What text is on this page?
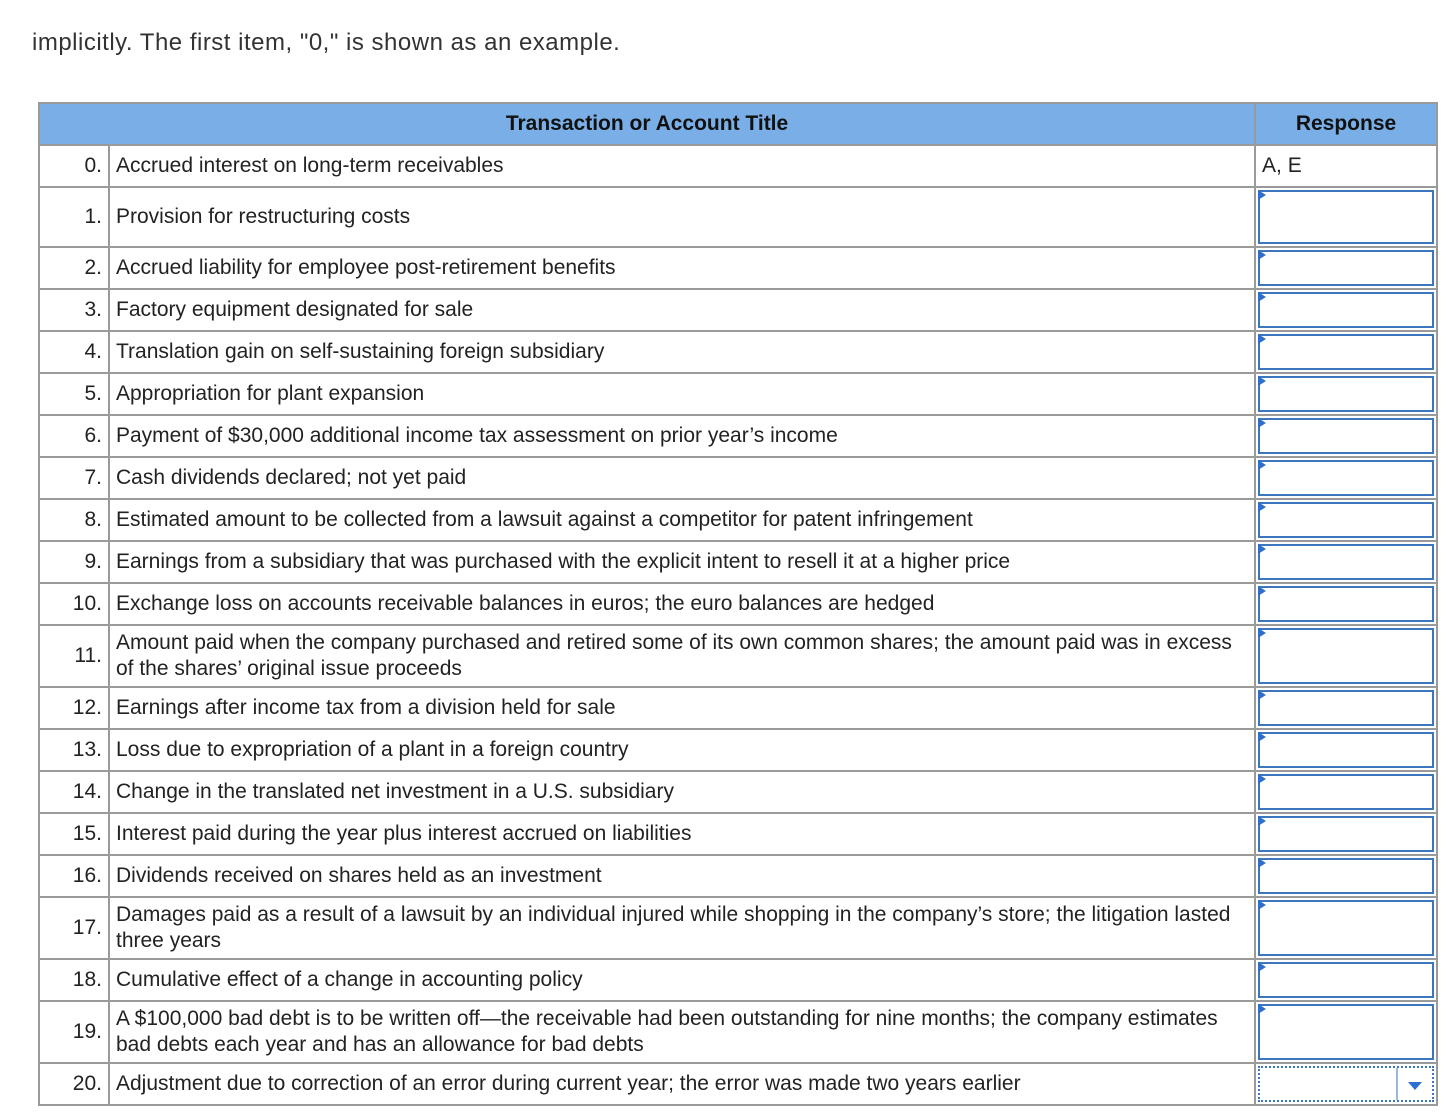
implicitly. The first item, "0," is shown as an example.
Transaction or Account Title		Response
0.	Accrued interest on long-term receivables	A, E
1.	Provision for restructuring costs	

2.	Accrued liability for employee post-retirement benefits	

3.	Factory equipment designated for sale	

4.	Translation gain on self-sustaining foreign subsidiary	

5.	Appropriation for plant expansion	

6.	Payment of $30,000 additional income tax assessment on prior year’s income	

7.	Cash dividends declared; not yet paid	

8.	Estimated amount to be collected from a lawsuit against a competitor for patent infringement	

9.	Earnings from a subsidiary that was purchased with the explicit intent to resell it at a higher price	

10.	Exchange loss on accounts receivable balances in euros; the euro balances are hedged	

11.	Amount paid when the company purchased and retired some of its own common shares; the amount paid was in excess of the shares’ original issue proceeds	

12.	Earnings after income tax from a division held for sale	

13.	Loss due to expropriation of a plant in a foreign country	

14.	Change in the translated net investment in a U.S. subsidiary	

15.	Interest paid during the year plus interest accrued on liabilities	

16.	Dividends received on shares held as an investment	

17.	Damages paid as a result of a lawsuit by an individual injured while shopping in the company’s store; the litigation lasted three years	

18.	Cumulative effect of a change in accounting policy	

19.	A $100,000 bad debt is to be written off—the receivable had been outstanding for nine months; the company estimates bad debts each year and has an allowance for bad debts	

20.	Adjustment due to correction of an error during current year; the error was made two years earlier	
